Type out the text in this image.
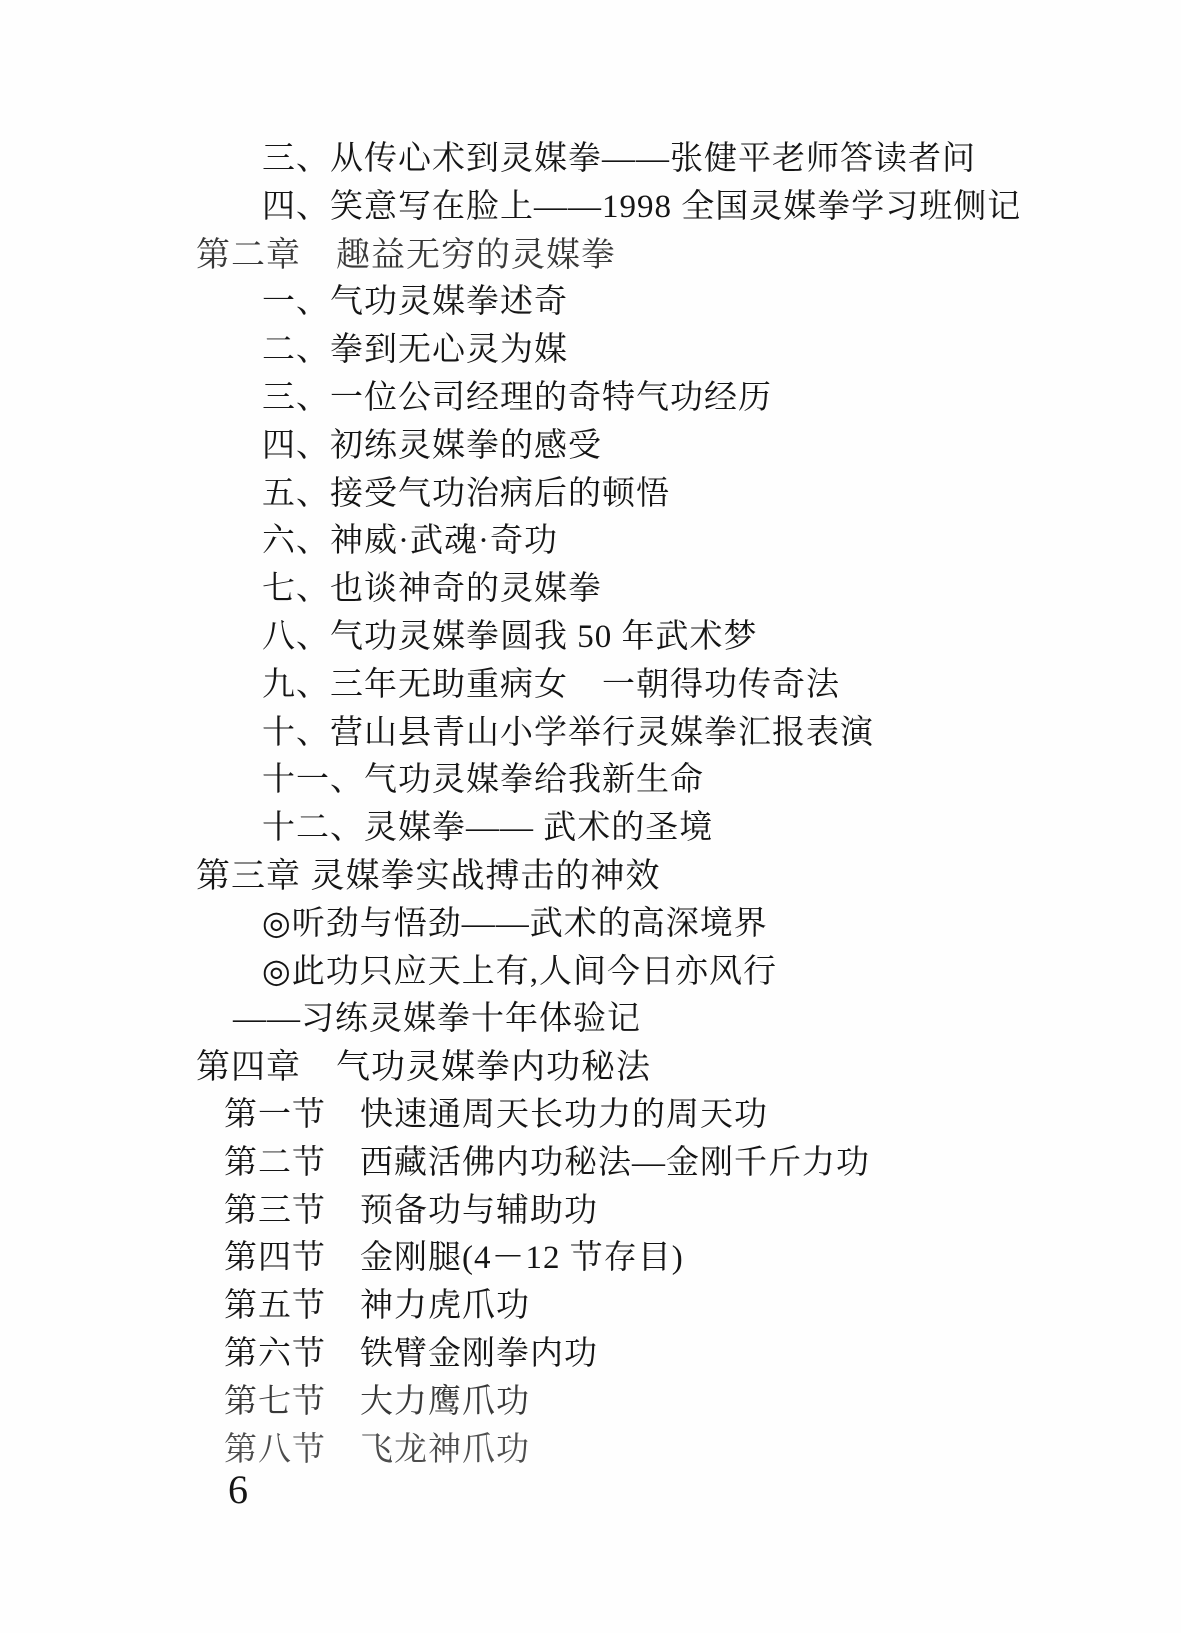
三、从传心术到灵媒拳——张健平老师答读者问
四、笑意写在脸上——1998 全国灵媒拳学习班侧记
第二章　趣益无穷的灵媒拳
一、气功灵媒拳述奇
二、拳到无心灵为媒
三、一位公司经理的奇特气功经历
四、初练灵媒拳的感受
五、接受气功治病后的顿悟
六、神威·武魂·奇功
七、也谈神奇的灵媒拳
八、气功灵媒拳圆我 50 年武术梦
九、三年无助重病女　一朝得功传奇法
十、营山县青山小学举行灵媒拳汇报表演
十一、气功灵媒拳给我新生命
十二、灵媒拳—— 武术的圣境
第三章 灵媒拳实战搏击的神效
◎听劲与悟劲——武术的高深境界
◎此功只应天上有,人间今日亦风行
——习练灵媒拳十年体验记
第四章　气功灵媒拳内功秘法
第一节　快速通周天长功力的周天功
第二节　西藏活佛内功秘法—金刚千斤力功
第三节　预备功与辅助功
第四节　金刚腿(4－12 节存目)
第五节　神力虎爪功
第六节　铁臂金刚拳内功
第七节　大力鹰爪功
第八节　飞龙神爪功
6
